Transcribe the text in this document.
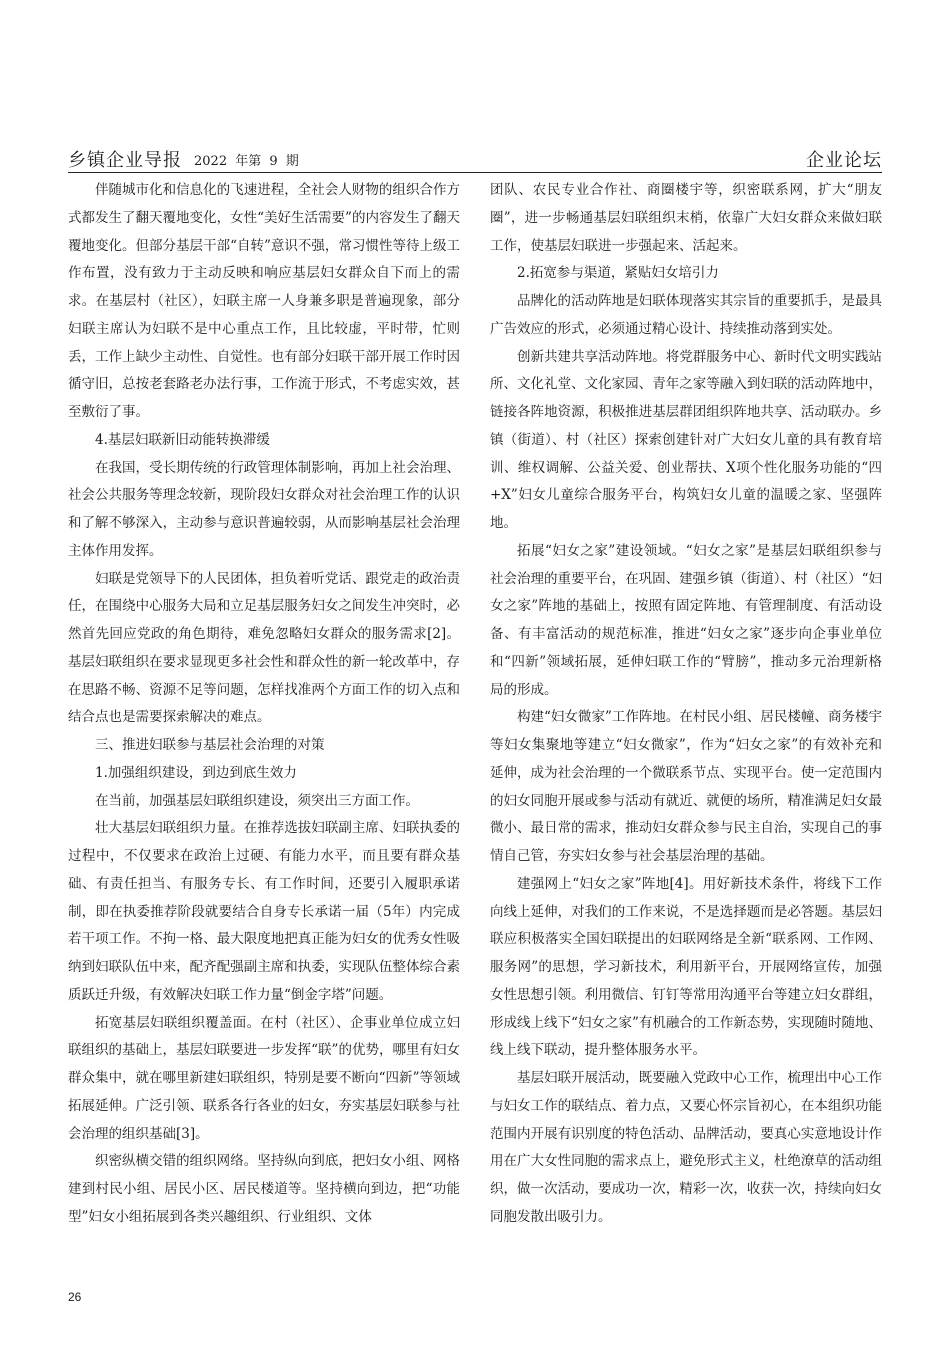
乡镇企业导报 2022 年第 9 期	企业论坛

伴随城市化和信息化的飞速进程，全社会人财物的组织合作方式都发生了翻天覆地变化，女性“美好生活需要”的内容发生了翻天覆地变化。但部分基层干部“自转”意识不强，常习惯性等待上级工作布置，没有致力于主动反映和响应基层妇女群众自下而上的需求。在基层村（社区），妇联主席一人身兼多职是普遍现象，部分妇联主席认为妇联不是中心重点工作，且比较虚，平时带，忙则丢，工作上缺少主动性、自觉性。也有部分妇联干部开展工作时因循守旧，总按老套路老办法行事，工作流于形式，不考虑实效，甚至敷衍了事。

4.基层妇联新旧动能转换滞缓

在我国，受长期传统的行政管理体制影响，再加上社会治理、社会公共服务等理念较新，现阶段妇女群众对社会治理工作的认识和了解不够深入，主动参与意识普遍较弱，从而影响基层社会治理主体作用发挥。

妇联是党领导下的人民团体，担负着听党话、跟党走的政治责任，在围绕中心服务大局和立足基层服务妇女之间发生冲突时，必然首先回应党政的角色期待，难免忽略妇女群众的服务需求[2]。基层妇联组织在要求显现更多社会性和群众性的新一轮改革中，存在思路不畅、资源不足等问题，怎样找准两个方面工作的切入点和结合点也是需要探索解决的难点。

三、推进妇联参与基层社会治理的对策

1.加强组织建设，到边到底生效力

在当前，加强基层妇联组织建设，须突出三方面工作。

壮大基层妇联组织力量。在推荐选拔妇联副主席、妇联执委的过程中，不仅要求在政治上过硬、有能力水平，而且要有群众基础、有责任担当、有服务专长、有工作时间，还要引入履职承诺制，即在执委推荐阶段就要结合自身专长承诺一届（5年）内完成若干项工作。不拘一格、最大限度地把真正能为妇女的优秀女性吸纳到妇联队伍中来，配齐配强副主席和执委，实现队伍整体综合素质跃迁升级，有效解决妇联工作力量“倒金字塔”问题。

拓宽基层妇联组织覆盖面。在村（社区）、企事业单位成立妇联组织的基础上，基层妇联要进一步发挥“联”的优势，哪里有妇女群众集中，就在哪里新建妇联组织，特别是要不断向“四新”等领域拓展延伸。广泛引领、联系各行各业的妇女，夯实基层妇联参与社会治理的组织基础[3]。

织密纵横交错的组织网络。坚持纵向到底，把妇女小组、网格建到村民小组、居民小区、居民楼道等。坚持横向到边，把“功能型”妇女小组拓展到各类兴趣组织、行业组织、文体

团队、农民专业合作社、商圈楼宇等，织密联系网，扩大“朋友圈”，进一步畅通基层妇联组织末梢，依靠广大妇女群众来做妇联工作，使基层妇联进一步强起来、活起来。

2.拓宽参与渠道，紧贴妇女培引力

品牌化的活动阵地是妇联体现落实其宗旨的重要抓手，是最具广告效应的形式，必须通过精心设计、持续推动落到实处。

创新共建共享活动阵地。将党群服务中心、新时代文明实践站所、文化礼堂、文化家园、青年之家等融入到妇联的活动阵地中，链接各阵地资源，积极推进基层群团组织阵地共享、活动联办。乡镇（街道）、村（社区）探索创建针对广大妇女儿童的具有教育培训、维权调解、公益关爱、创业帮扶、X项个性化服务功能的“四+X”妇女儿童综合服务平台，构筑妇女儿童的温暖之家、坚强阵地。

拓展“妇女之家”建设领域。“妇女之家”是基层妇联组织参与社会治理的重要平台，在巩固、建强乡镇（街道）、村（社区）“妇女之家”阵地的基础上，按照有固定阵地、有管理制度、有活动设备、有丰富活动的规范标准，推进“妇女之家”逐步向企事业单位和“四新”领域拓展，延伸妇联工作的“臂膀”，推动多元治理新格局的形成。

构建“妇女微家”工作阵地。在村民小组、居民楼幢、商务楼宇等妇女集聚地等建立“妇女微家”，作为“妇女之家”的有效补充和延伸，成为社会治理的一个微联系节点、实现平台。使一定范围内的妇女同胞开展或参与活动有就近、就便的场所，精准满足妇女最微小、最日常的需求，推动妇女群众参与民主自治，实现自己的事情自己管，夯实妇女参与社会基层治理的基础。

建强网上“妇女之家”阵地[4]。用好新技术条件，将线下工作向线上延伸，对我们的工作来说，不是选择题而是必答题。基层妇联应积极落实全国妇联提出的妇联网络是全新“联系网、工作网、服务网”的思想，学习新技术，利用新平台，开展网络宣传，加强女性思想引领。利用微信、钉钉等常用沟通平台等建立妇女群组，形成线上线下“妇女之家”有机融合的工作新态势，实现随时随地、线上线下联动，提升整体服务水平。

基层妇联开展活动，既要融入党政中心工作，梳理出中心工作与妇女工作的联结点、着力点，又要心怀宗旨初心，在本组织功能范围内开展有识别度的特色活动、品牌活动，要真心实意地设计作用在广大女性同胞的需求点上，避免形式主义，杜绝潦草的活动组织，做一次活动，要成功一次，精彩一次，收获一次，持续向妇女同胞发散出吸引力。

26
